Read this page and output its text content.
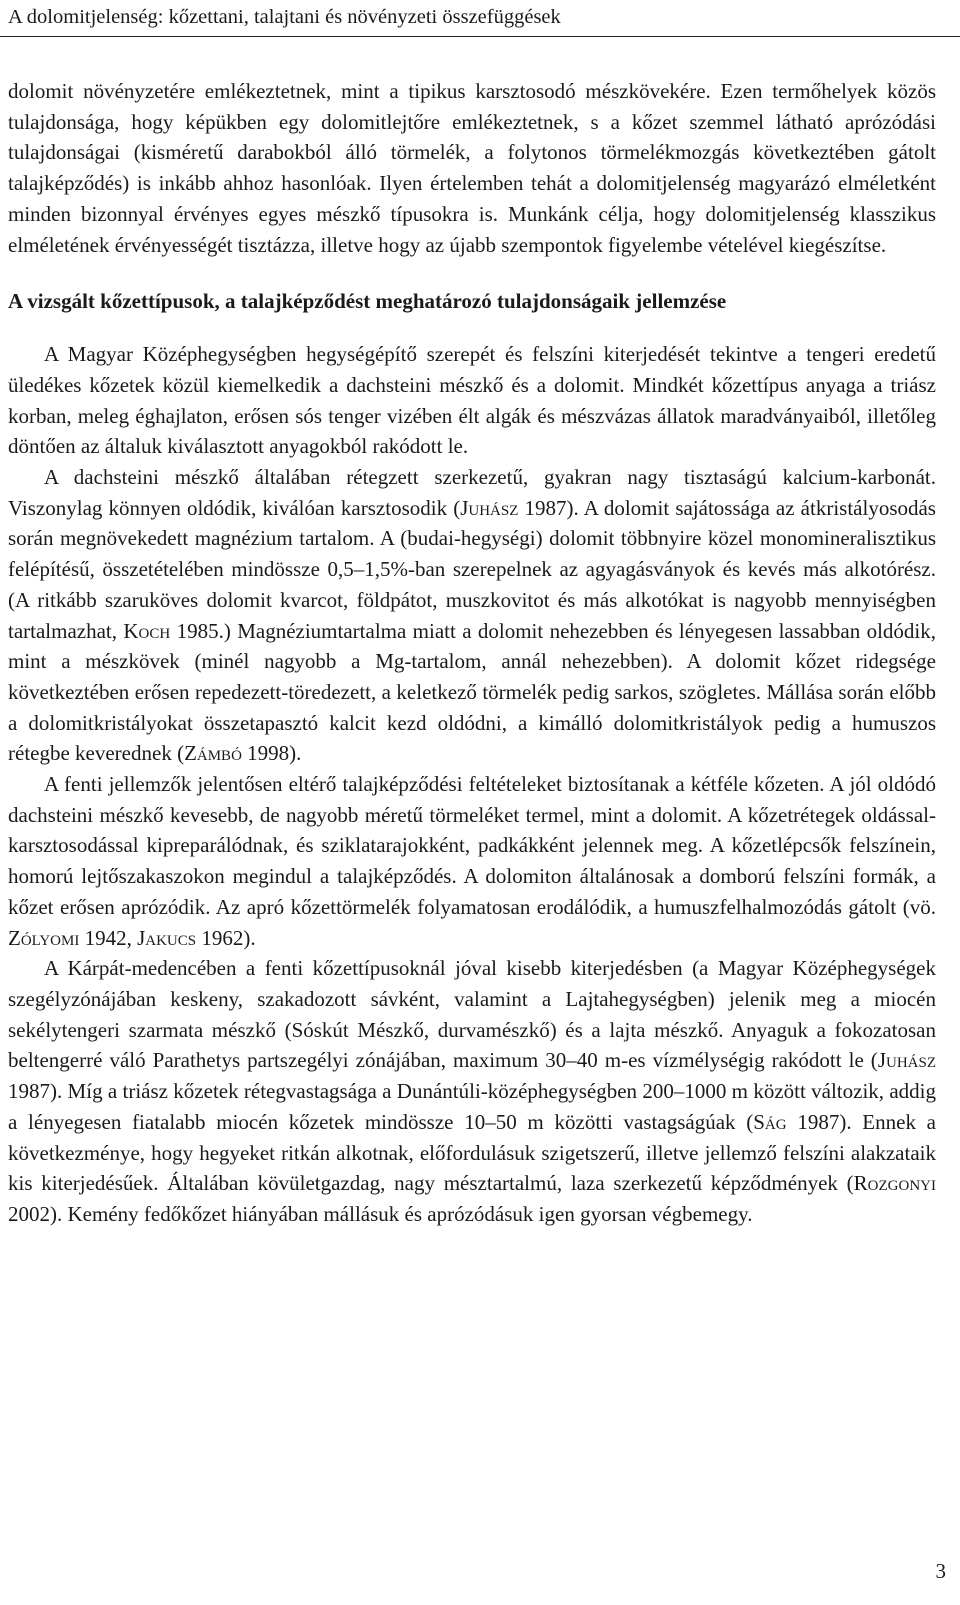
A dolomitjelenség: kőzettani, talajtani és növényzeti összefüggések

dolomit növényzetére emlékeztetnek, mint a tipikus karsztosodó mészkövekére. Ezen termőhelyek közös tulajdonsága, hogy képükben egy dolomitlejtőre emlékeztetnek, s a kőzet szemmel látható aprózódási tulajdonságai (kisméretű darabokból álló törmelék, a folytonos törmelékmozgás következtében gátolt talajképződés) is inkább ahhoz hasonlóak. Ilyen értelemben tehát a dolomitjelenség magyarázó elméletként minden bizonnyal érvényes egyes mészkő típusokra is. Munkánk célja, hogy dolomitjelenség klasszikus elméletének érvényességét tisztázza, illetve hogy az újabb szempontok figyelembe vételével kiegészítse.

A vizsgált kőzettípusok, a talajképződést meghatározó tulajdonságaik jellemzése

A Magyar Középhegységben hegységépítő szerepét és felszíni kiterjedését tekintve a tengeri eredetű üledékes kőzetek közül kiemelkedik a dachsteini mészkő és a dolomit. Mindkét kőzettípus anyaga a triász korban, meleg éghajlaton, erősen sós tenger vizében élt algák és mészvázas állatok maradványaiból, illetőleg döntően az általuk kiválasztott anyagokból rakódott le.

A dachsteini mészkő általában rétegzett szerkezetű, gyakran nagy tisztaságú kalcium-karbonát. Viszonylag könnyen oldódik, kiválóan karsztosodik (Juhász 1987). A dolomit sajátossága az átkristályosodás során megnövekedett magnézium tartalom. A (budai-hegységi) dolomit többnyire közel monomineralisztikus felépítésű, összetételében mindössze 0,5–1,5%-ban szerepelnek az agyagásványok és kevés más alkotórész. (A ritkább szaruköves dolomit kvarcot, földpátot, muszkovitot és más alkotókat is nagyobb mennyiségben tartalmazhat, Koch 1985.) Magnéziumtartalma miatt a dolomit nehezebben és lényegesen lassabban oldódik, mint a mészkövek (minél nagyobb a Mg-tartalom, annál nehezebben). A dolomit kőzet ridegsége következtében erősen repedezett-töredezett, a keletkező törmelék pedig sarkos, szögletes. Mállása során előbb a dolomitkristályokat összetapasztó kalcit kezd oldódni, a kimálló dolomitkristályok pedig a humuszos rétegbe keverednek (Zámbó 1998).

A fenti jellemzők jelentősen eltérő talajképződési feltételeket biztosítanak a kétféle kőzeten. A jól oldódó dachsteini mészkő kevesebb, de nagyobb méretű törmeléket termel, mint a dolomit. A kőzetrétegek oldással-karsztosodással kipreparálódnak, és sziklatarajokként, padkákként jelennek meg. A kőzetlépcsők felszínein, homorú lejtőszakaszokon megindul a talajképződés. A dolomiton általánosak a domború felszíni formák, a kőzet erősen aprózódik. Az apró kőzettörmelék folyamatosan erodálódik, a humuszfelhalmozódás gátolt (vö. Zólyomi 1942, Jakucs 1962).

A Kárpát-medencében a fenti kőzettípusoknál jóval kisebb kiterjedésben (a Magyar Középhegységek szegélyzónájában keskeny, szakadozott sávként, valamint a Lajtahegységben) jelenik meg a miocén sekélytengeri szarmata mészkő (Sóskút Mészkő, durvamészkő) és a lajta mészkő. Anyaguk a fokozatosan beltengerré váló Parathetys partszegélyi zónájában, maximum 30–40 m-es vízmélységig rakódott le (Juhász 1987). Míg a triász kőzetek rétegvastagsága a Dunántúli-középhegységben 200–1000 m között változik, addig a lényegesen fiatalabb miocén kőzetek mindössze 10–50 m közötti vastagságúak (Ság 1987). Ennek a következménye, hogy hegyeket ritkán alkotnak, előfordulásuk szigetszerű, illetve jellemző felszíni alakzataik kis kiterjedésűek. Általában kövületgazdag, nagy mésztartalmú, laza szerkezetű képződmények (Rozgonyi 2002). Kemény fedőkőzet hiányában mállásuk és aprózódásuk igen gyorsan végbemegy.

3
